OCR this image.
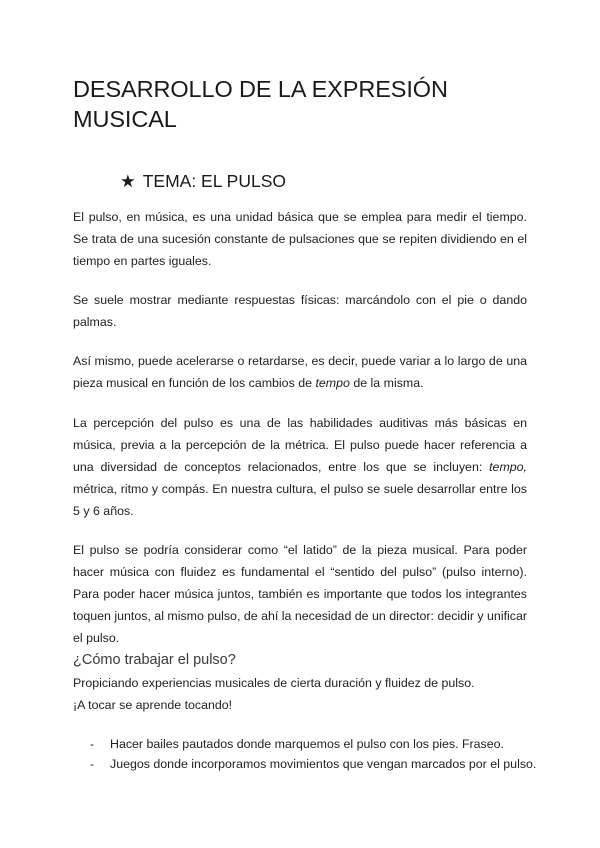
DESARROLLO DE LA EXPRESIÓN MUSICAL
★ TEMA: EL PULSO

El pulso, en música, es una unidad básica que se emplea para medir el tiempo. Se trata de una sucesión constante de pulsaciones que se repiten dividiendo en el tiempo en partes iguales.

Se suele mostrar mediante respuestas físicas: marcándolo con el pie o dando palmas.

Así mismo, puede acelerarse o retardarse, es decir, puede variar a lo largo de una pieza musical en función de los cambios de tempo de la misma.

La percepción del pulso es una de las habilidades auditivas más básicas en música, previa a la percepción de la métrica. El pulso puede hacer referencia a una diversidad de conceptos relacionados, entre los que se incluyen: tempo, métrica, ritmo y compás. En nuestra cultura, el pulso se suele desarrollar entre los 5 y 6 años.

El pulso se podría considerar como “el latido” de la pieza musical. Para poder hacer música con fluidez es fundamental el “sentido del pulso” (pulso interno). Para poder hacer música juntos, también es importante que todos los integrantes toquen juntos, al mismo pulso, de ahí la necesidad de un director: decidir y unificar el pulso.

¿Cómo trabajar el pulso?

Propiciando experiencias musicales de cierta duración y fluidez de pulso.

¡A tocar se aprende tocando!

- Hacer bailes pautados donde marquemos el pulso con los pies. Fraseo.
- Juegos donde incorporamos movimientos que vengan marcados por el pulso.
